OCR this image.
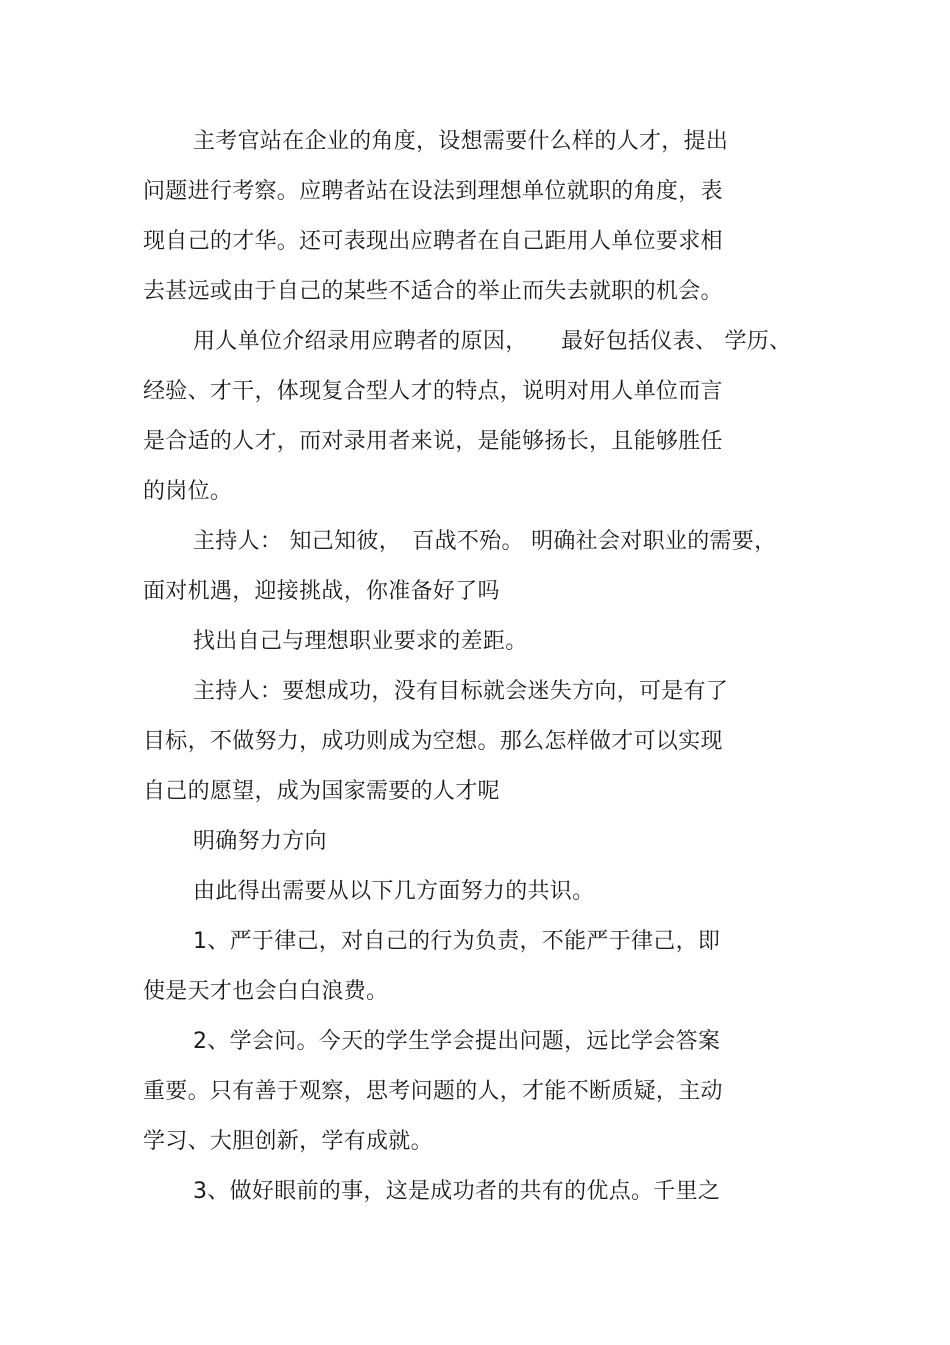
主考官站在企业的角度，设想需要什么样的人才，提出
问题进行考察。应聘者站在设法到理想单位就职的角度，表
现自己的才华。还可表现出应聘者在自己距用人单位要求相
去甚远或由于自己的某些不适合的举止而失去就职的机会。
用人单位介绍录用应聘者的原因，　　最好包括仪表、 学历、
经验、才干，体现复合型人才的特点，说明对用人单位而言
是合适的人才，而对录用者来说，是能够扬长，且能够胜任
的岗位。
主持人： 知己知彼，　百战不殆。 明确社会对职业的需要，
面对机遇，迎接挑战，你准备好了吗
找出自己与理想职业要求的差距。
主持人：要想成功，没有目标就会迷失方向，可是有了
目标，不做努力，成功则成为空想。那么怎样做才可以实现
自己的愿望，成为国家需要的人才呢
明确努力方向
由此得出需要从以下几方面努力的共识。
1、严于律己，对自己的行为负责，不能严于律己，即
使是天才也会白白浪费。
2、学会问。今天的学生学会提出问题，远比学会答案
重要。只有善于观察，思考问题的人，才能不断质疑，主动
学习、大胆创新，学有成就。
3、做好眼前的事，这是成功者的共有的优点。千里之
